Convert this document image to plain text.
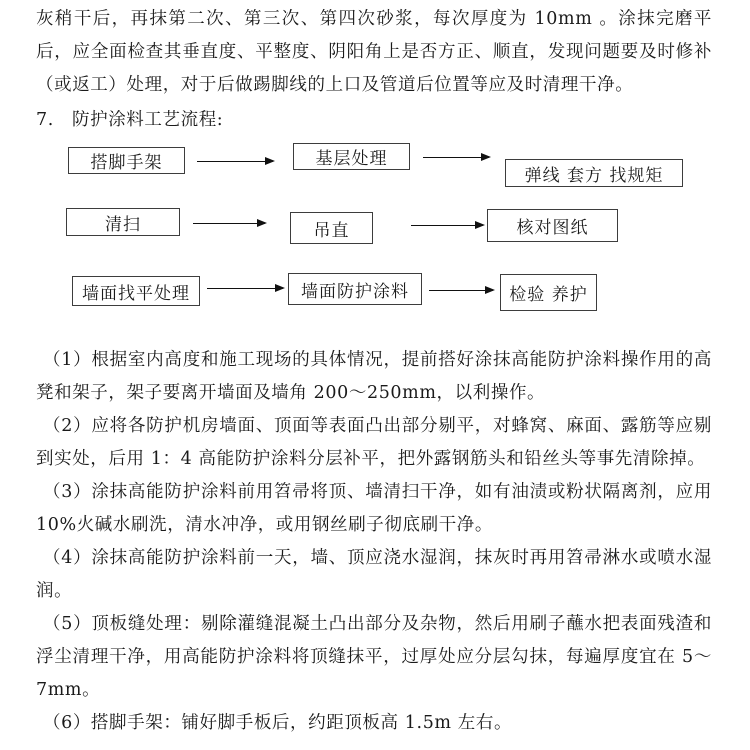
灰稍干后，再抹第二次、第三次、第四次砂浆，每次厚度为 10mm 。涂抹完磨平后，应全面检查其垂直度、平整度、阴阳角上是否方正、顺直，发现问题要及时修补（或返工）处理，对于后做踢脚线的上口及管道后位置等应及时清理干净。

7.　防护涂料工艺流程:

搭脚手架	基层处理
弹线 套方 找规矩
清扫	吊直	核对图纸
墙面找平处理	墙面防护涂料	检验 养护

（1）根据室内高度和施工现场的具体情况，提前搭好涂抹高能防护涂料操作用的高凳和架子，架子要离开墙面及墙角 200～250mm，以利操作。

（2）应将各防护机房墙面、顶面等表面凸出部分剔平，对蜂窝、麻面、露筋等应剔到实处，后用 1：4 高能防护涂料分层补平，把外露钢筋头和铅丝头等事先清除掉。

（3）涂抹高能防护涂料前用笤帚将顶、墙清扫干净，如有油渍或粉状隔离剂，应用 10%火碱水刷洗，清水冲净，或用钢丝刷子彻底刷干净。

（4）涂抹高能防护涂料前一天，墙、顶应浇水湿润，抹灰时再用笤帚淋水或喷水湿润。

（5）顶板缝处理：剔除灌缝混凝土凸出部分及杂物，然后用刷子蘸水把表面残渣和浮尘清理干净，用高能防护涂料将顶缝抹平，过厚处应分层勾抹，每遍厚度宜在 5～7mm。

（6）搭脚手架：铺好脚手板后，约距顶板高 1.5m 左右。
